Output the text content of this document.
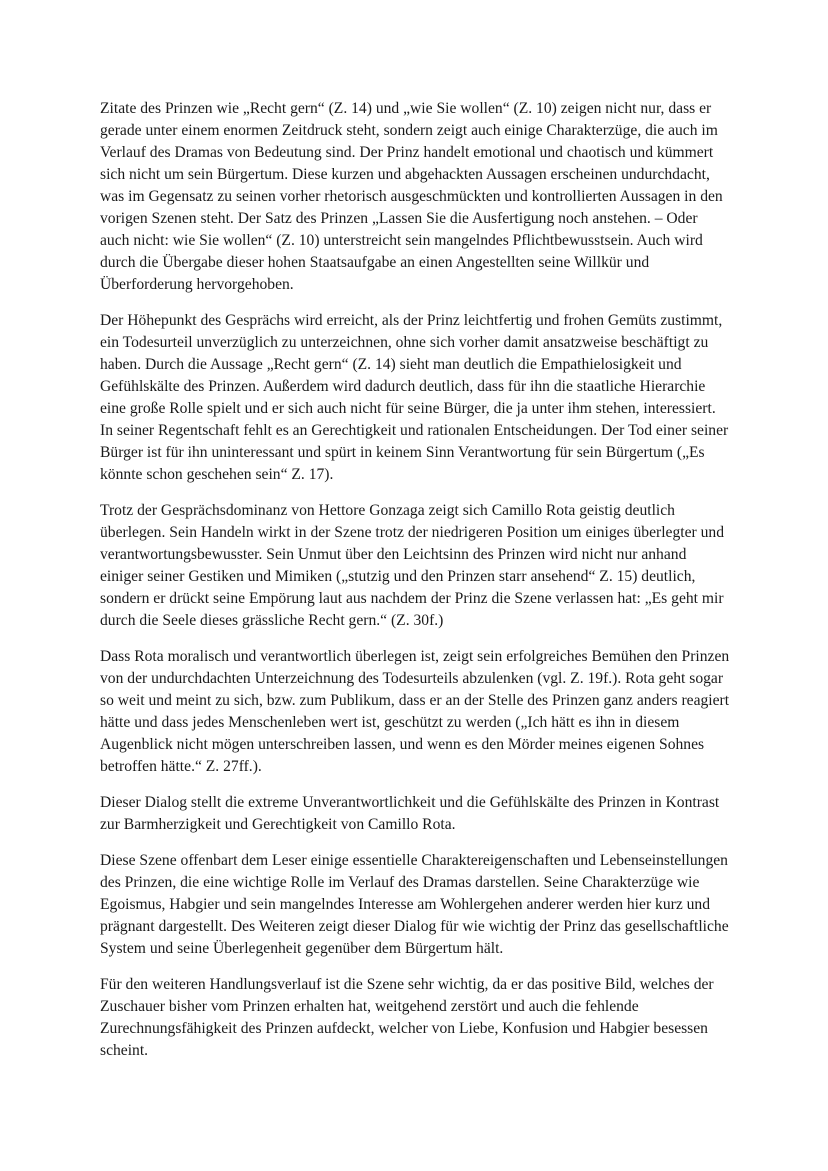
Zitate des Prinzen wie „Recht gern“ (Z. 14) und „wie Sie wollen“ (Z. 10) zeigen nicht nur, dass er gerade unter einem enormen Zeitdruck steht, sondern zeigt auch einige Charakterzüge, die auch im Verlauf des Dramas von Bedeutung sind. Der Prinz handelt emotional und chaotisch und kümmert sich nicht um sein Bürgertum. Diese kurzen und abgehackten Aussagen erscheinen undurchdacht, was im Gegensatz zu seinen vorher rhetorisch ausgeschmückten und kontrollierten Aussagen in den vorigen Szenen steht. Der Satz des Prinzen „Lassen Sie die Ausfertigung noch anstehen. – Oder auch nicht: wie Sie wollen“ (Z. 10) unterstreicht sein mangelndes Pflichtbewusstsein. Auch wird durch die Übergabe dieser hohen Staatsaufgabe an einen Angestellten seine Willkür und Überforderung hervorgehoben.

Der Höhepunkt des Gesprächs wird erreicht, als der Prinz leichtfertig und frohen Gemüts zustimmt, ein Todesurteil unverzüglich zu unterzeichnen, ohne sich vorher damit ansatzweise beschäftigt zu haben. Durch die Aussage „Recht gern“ (Z. 14) sieht man deutlich die Empathielosigkeit und Gefühlskälte des Prinzen. Außerdem wird dadurch deutlich, dass für ihn die staatliche Hierarchie eine große Rolle spielt und er sich auch nicht für seine Bürger, die ja unter ihm stehen, interessiert. In seiner Regentschaft fehlt es an Gerechtigkeit und rationalen Entscheidungen. Der Tod einer seiner Bürger ist für ihn uninteressant und spürt in keinem Sinn Verantwortung für sein Bürgertum („Es könnte schon geschehen sein“ Z. 17).

Trotz der Gesprächsdominanz von Hettore Gonzaga zeigt sich Camillo Rota geistig deutlich überlegen. Sein Handeln wirkt in der Szene trotz der niedrigeren Position um einiges überlegter und verantwortungsbewusster. Sein Unmut über den Leichtsinn des Prinzen wird nicht nur anhand einiger seiner Gestiken und Mimiken („stutzig und den Prinzen starr ansehend“ Z. 15) deutlich, sondern er drückt seine Empörung laut aus nachdem der Prinz die Szene verlassen hat: „Es geht mir durch die Seele dieses grässliche Recht gern.“ (Z. 30f.)

Dass Rota moralisch und verantwortlich überlegen ist, zeigt sein erfolgreiches Bemühen den Prinzen von der undurchdachten Unterzeichnung des Todesurteils abzulenken (vgl. Z. 19f.). Rota geht sogar so weit und meint zu sich, bzw. zum Publikum, dass er an der Stelle des Prinzen ganz anders reagiert hätte und dass jedes Menschenleben wert ist, geschützt zu werden („Ich hätt es ihn in diesem Augenblick nicht mögen unterschreiben lassen, und wenn es den Mörder meines eigenen Sohnes betroffen hätte.“ Z. 27ff.).

Dieser Dialog stellt die extreme Unverantwortlichkeit und die Gefühlskälte des Prinzen in Kontrast zur Barmherzigkeit und Gerechtigkeit von Camillo Rota.

Diese Szene offenbart dem Leser einige essentielle Charaktereigenschaften und Lebenseinstellungen des Prinzen, die eine wichtige Rolle im Verlauf des Dramas darstellen. Seine Charakterzüge wie Egoismus, Habgier und sein mangelndes Interesse am Wohlergehen anderer werden hier kurz und prägnant dargestellt. Des Weiteren zeigt dieser Dialog für wie wichtig der Prinz das gesellschaftliche System und seine Überlegenheit gegenüber dem Bürgertum hält.

Für den weiteren Handlungsverlauf ist die Szene sehr wichtig, da er das positive Bild, welches der Zuschauer bisher vom Prinzen erhalten hat, weitgehend zerstört und auch die fehlende Zurechnungsfähigkeit des Prinzen aufdeckt, welcher von Liebe, Konfusion und Habgier besessen scheint.
